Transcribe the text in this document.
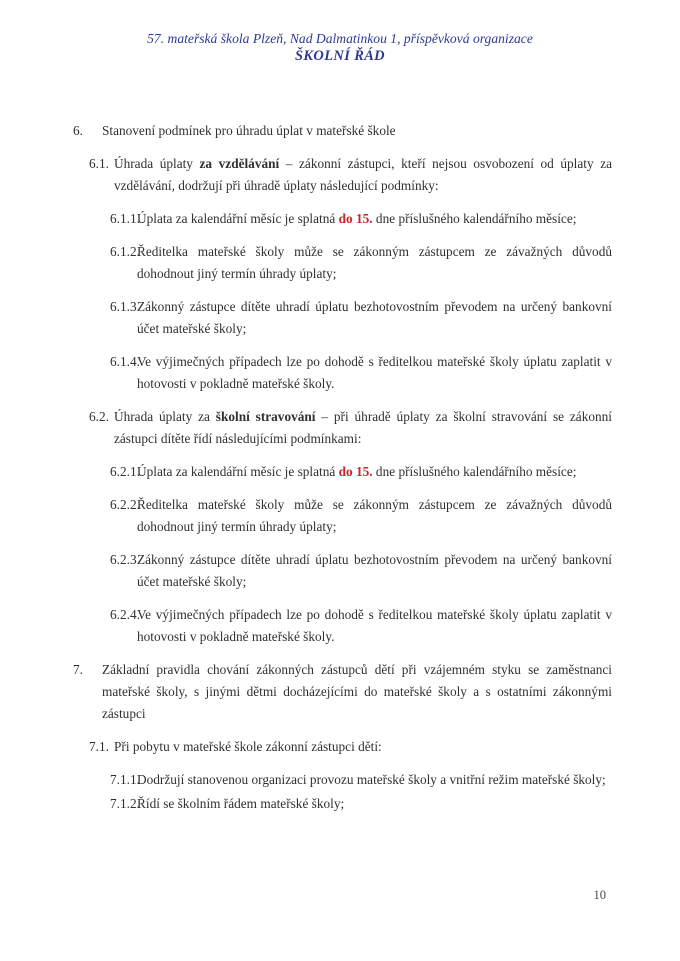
57. mateřská škola Plzeň, Nad Dalmatinkou 1, příspěvková organizace
ŠKOLNÍ ŘÁD
6. Stanovení podmínek pro úhradu úplat v mateřské škole
6.1. Úhrada úplaty za vzdělávání – zákonní zástupci, kteří nejsou osvobození od úplaty za vzdělávání, dodržují při úhradě úplaty následující podmínky:
6.1.1.
Úplata za kalendářní měsíc je splatná do 15. dne příslušného kalendářního měsíce;
6.1.2.
Ředitelka mateřské školy může se zákonným zástupcem ze závažných důvodů dohodnout jiný termín úhrady úplaty;
6.1.3.
Zákonný zástupce dítěte uhradí úplatu bezhotovostním převodem na určený bankovní účet mateřské školy;
6.1.4.
Ve výjimečných případech lze po dohodě s ředitelkou mateřské školy úplatu zaplatit v hotovosti v pokladně mateřské školy.
6.2. Úhrada úplaty za školní stravování – při úhradě úplaty za školní stravování se zákonní zástupci dítěte řídí následujícími podmínkami:
6.2.1.
Úplata za kalendářní měsíc je splatná do 15. dne příslušného kalendářního měsíce;
6.2.2.
Ředitelka mateřské školy může se zákonným zástupcem ze závažných důvodů dohodnout jiný termín úhrady úplaty;
6.2.3.
Zákonný zástupce dítěte uhradí úplatu bezhotovostním převodem na určený bankovní účet mateřské školy;
6.2.4.
Ve výjimečných případech lze po dohodě s ředitelkou mateřské školy úplatu zaplatit v hotovosti v pokladně mateřské školy.
7. Základní pravidla chování zákonných zástupců dětí při vzájemném styku se zaměstnanci mateřské školy, s jinými dětmi docházejícími do mateřské školy a s ostatními zákonnými zástupci
7.1. Při pobytu v mateřské škole zákonní zástupci dětí:
7.1.1.
Dodržují stanovenou organizaci provozu mateřské školy a vnitřní režim mateřské školy;
7.1.2.
Řídí se školním řádem mateřské školy;
10
